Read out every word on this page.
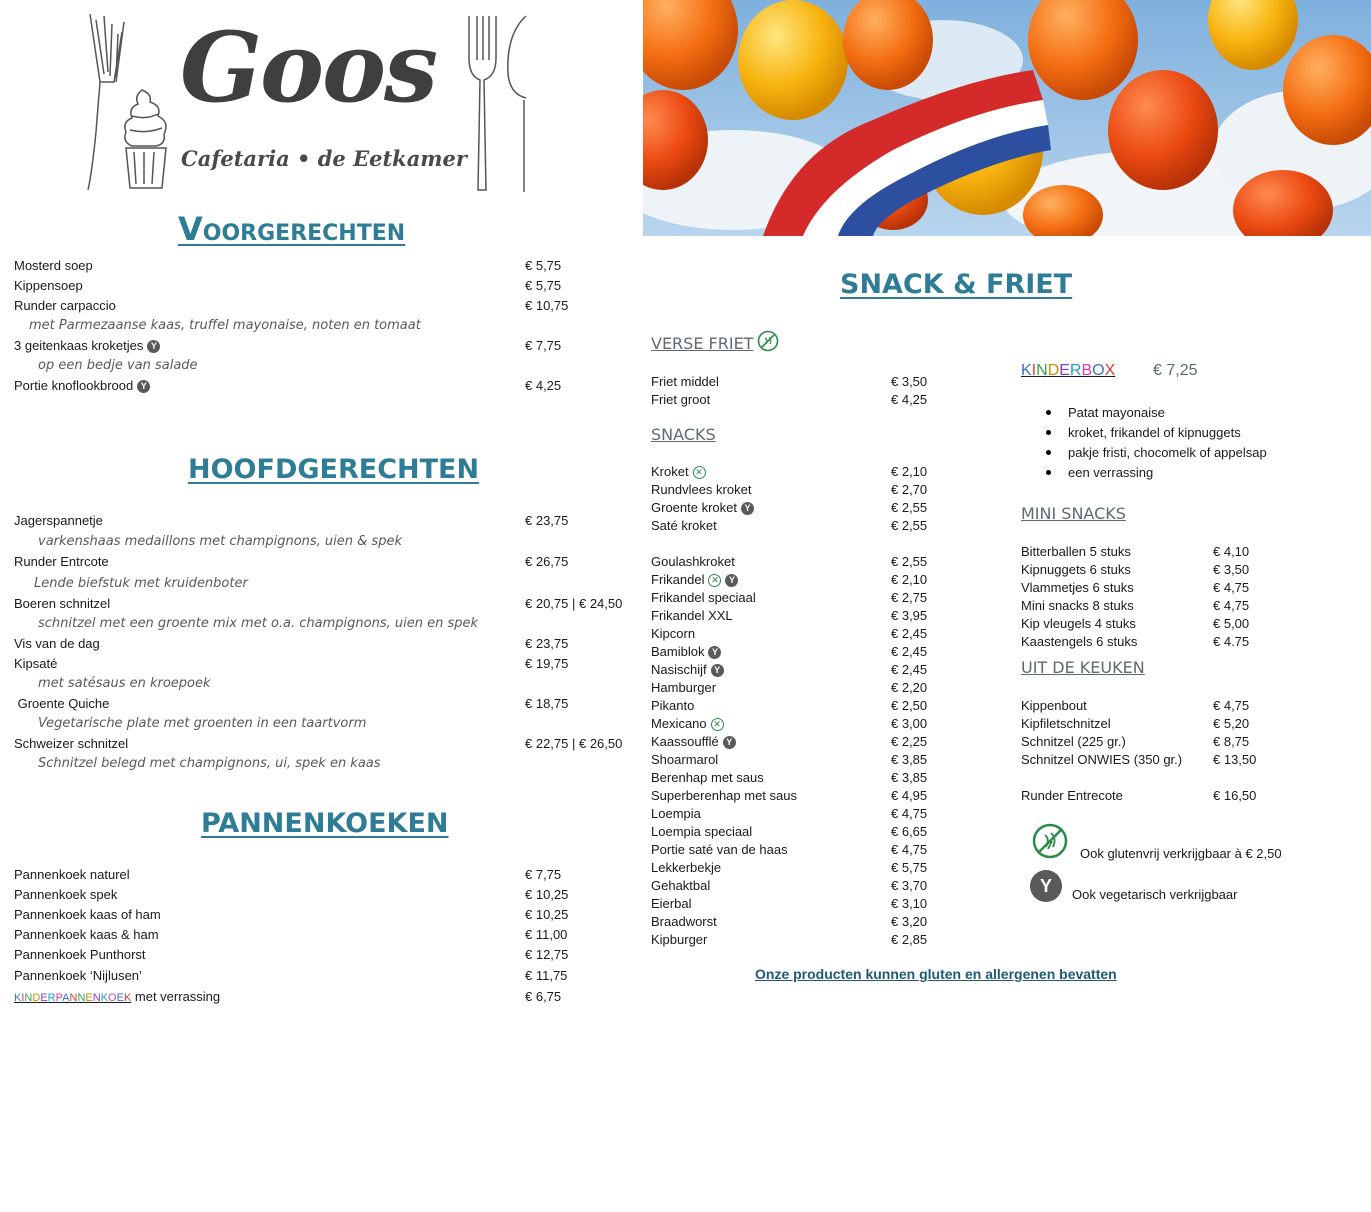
Goos
Cafetaria • de Eetkamer
VOORGERECHTEN
Mosterd soep	€ 5,75
Kippensoep	€ 5,75
Runder carpaccio	€ 10,75
met Parmezaanse kaas, truffel mayonaise, noten en tomaat
3 geitenkaas kroketjes Y	€ 7,75
op een bedje van salade
Portie knoflookbrood Y	€ 4,25
HOOFDGERECHTEN
Jagerspannetje	€ 23,75
varkenshaas medaillons met champignons, uien & spek
Runder Entrcote	€ 26,75
Lende biefstuk met kruidenboter
Boeren schnitzel	€ 20,75 | € 24,50
schnitzel met een groente mix met o.a. champignons, uien en spek
Vis van de dag	€ 23,75
Kipsaté	€ 19,75
met satésaus en kroepoek
Groente Quiche	€ 18,75
Vegetarische plate met groenten in een taartvorm
Schweizer schnitzel	€ 22,75 | € 26,50
Schnitzel belegd met champignons, ui, spek en kaas
PANNENKOEKEN
Pannenkoek naturel	€ 7,75
Pannenkoek spek	€ 10,25
Pannenkoek kaas of ham	€ 10,25
Pannenkoek kaas & ham	€ 11,00
Pannenkoek Punthorst	€ 12,75
Pannenkoek ‘Nijlusen’	€ 11,75
KINDERPANNENKOEK met verrassing	€ 6,75
SNACK & FRIET
VERSE FRIET
Friet middel	€ 3,50
Friet groot	€ 4,25
SNACKS
Kroket ✕	€ 2,10
Rundvlees kroket	€ 2,70
Groente kroket Y	€ 2,55
Saté kroket	€ 2,55
Goulashkroket	€ 2,55
Frikandel ✕ Y	€ 2,10
Frikandel speciaal	€ 2,75
Frikandel XXL	€ 3,95
Kipcorn	€ 2,45
Bamiblok Y	€ 2,45
Nasischijf Y	€ 2,45
Hamburger	€ 2,20
Pikanto	€ 2,50
Mexicano ✕	€ 3,00
Kaassoufflé Y	€ 2,25
Shoarmarol	€ 3,85
Berenhap met saus	€ 3,85
Superberenhap met saus	€ 4,95
Loempia	€ 4,75
Loempia speciaal	€ 6,65
Portie saté van de haas	€ 4,75
Lekkerbekje	€ 5,75
Gehaktbal	€ 3,70
Eierbal	€ 3,10
Braadworst	€ 3,20
Kipburger	€ 2,85
KINDERBOX € 7,25
Patat mayonaise
kroket, frikandel of kipnuggets
pakje fristi, chocomelk of appelsap
een verrassing
MINI SNACKS
Bitterballen 5 stuks	€ 4,10
Kipnuggets 6 stuks	€ 3,50
Vlammetjes 6 stuks	€ 4,75
Mini snacks 8 stuks	€ 4,75
Kip vleugels 4 stuks	€ 5,00
Kaastengels 6 stuks	€ 4.75
UIT DE KEUKEN
Kippenbout	€ 4,75
Kipfiletschnitzel	€ 5,20
Schnitzel (225 gr.)	€ 8,75
Schnitzel ONWIES (350 gr.) € 13,50
Runder Entrecote	€ 16,50
Ook glutenvrij verkrijgbaar à € 2,50
Y	Ook vegetarisch verkrijgbaar
Onze producten kunnen gluten en allergenen bevatten
